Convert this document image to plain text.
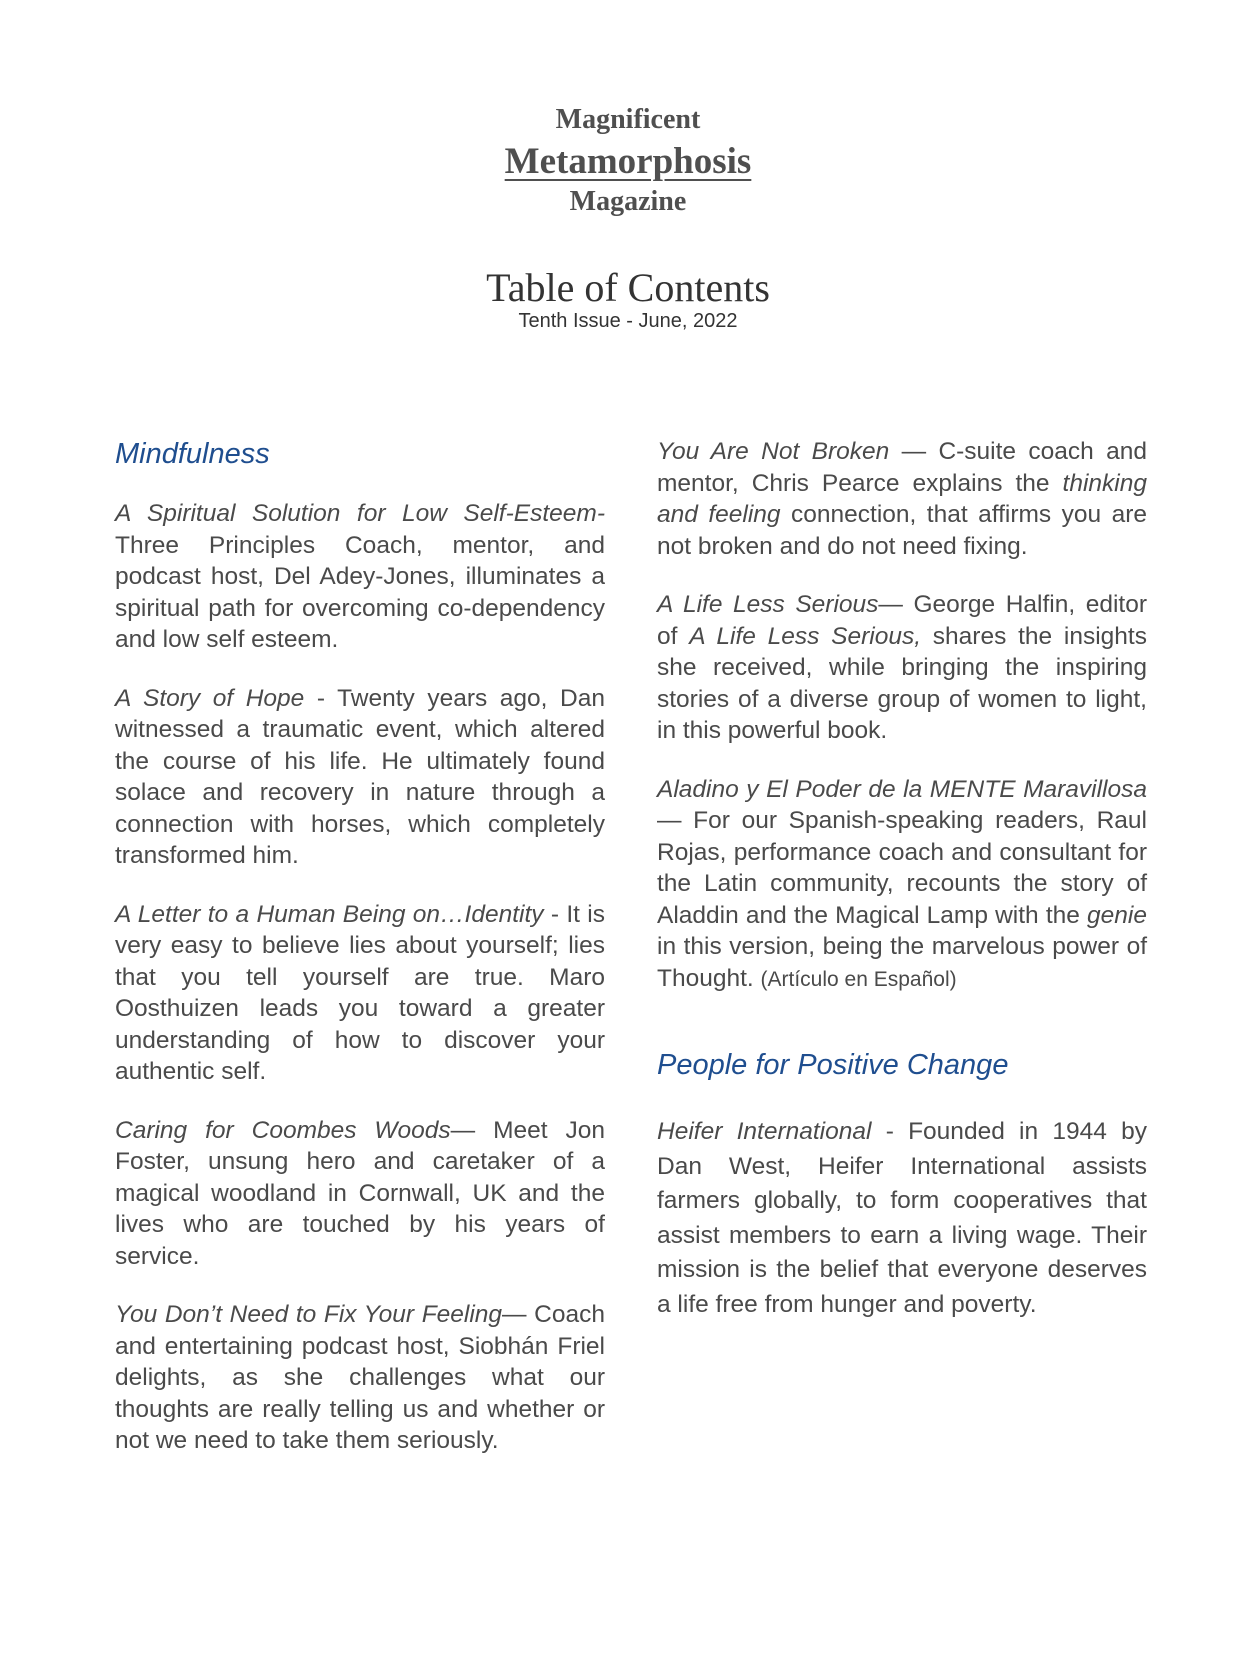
Magnificent
Metamorphosis
Magazine
Table of Contents
Tenth Issue - June, 2022

Mindfulness

A Spiritual Solution for Low Self-Esteem- Three Principles Coach, mentor, and podcast host, Del Adey-Jones, illuminates a spiritual path for overcoming co-dependency and low self esteem.

A Story of Hope - Twenty years ago, Dan witnessed a traumatic event, which altered the course of his life. He ultimately found solace and recovery in nature through a connection with horses, which completely transformed him.

A Letter to a Human Being on…Identity - It is very easy to believe lies about yourself; lies that you tell yourself are true. Maro Oosthuizen leads you toward a greater understanding of how to discover your authentic self.

Caring for Coombes Woods— Meet Jon Foster, unsung hero and caretaker of a magical woodland in Cornwall, UK and the lives who are touched by his years of service.

You Don’t Need to Fix Your Feeling— Coach and entertaining podcast host, Siobhán Friel delights, as she challenges what our thoughts are really telling us and whether or not we need to take them seriously.

You Are Not Broken — C-suite coach and mentor, Chris Pearce explains the thinking and feeling connection, that affirms you are not broken and do not need fixing.

A Life Less Serious— George Halfin, editor of A Life Less Serious, shares the insights she received, while bringing the inspiring stories of a diverse group of women to light, in this powerful book.

Aladino y El Poder de la MENTE Maravillosa — For our Spanish-speaking readers, Raul Rojas, performance coach and consultant for the Latin community, recounts the story of Aladdin and the Magical Lamp with the genie in this version, being the marvelous power of Thought. (Artículo en Español)

People for Positive Change

Heifer International - Founded in 1944 by Dan West, Heifer International assists farmers globally, to form cooperatives that assist members to earn a living wage. Their mission is the belief that everyone deserves a life free from hunger and poverty.
